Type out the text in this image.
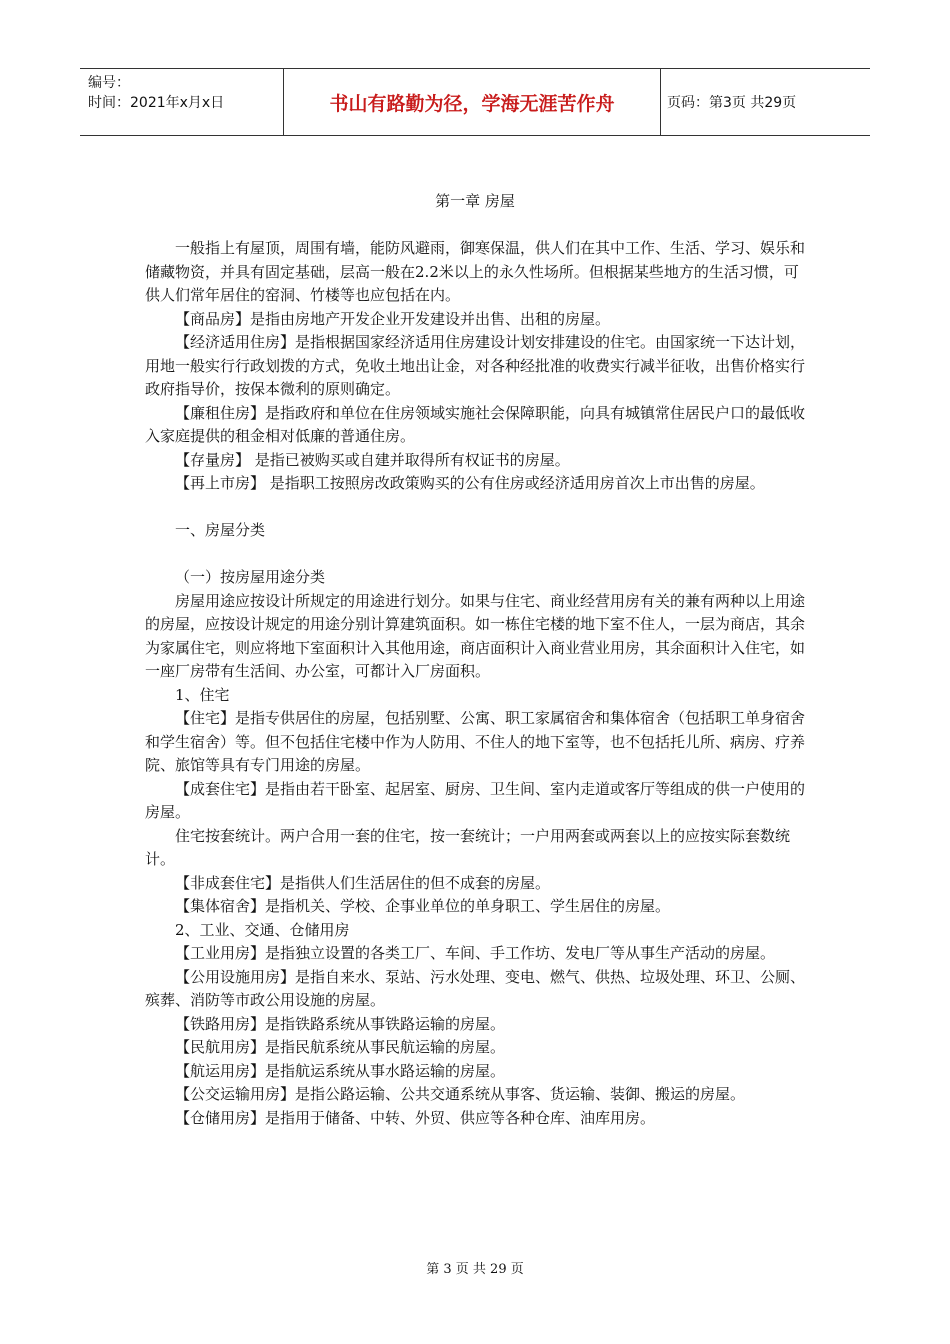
编号：
时间：2021年x月x日	书山有路勤为径，学海无涯苦作舟	页码：第3页 共29页
第一章 房屋

一般指上有屋顶，周围有墙，能防风避雨，御寒保温，供人们在其中工作、生活、学习、娱乐和储藏物资，并具有固定基础，层高一般在2.2米以上的永久性场所。但根据某些地方的生活习惯，可供人们常年居住的窑洞、竹楼等也应包括在内。

【商品房】是指由房地产开发企业开发建设并出售、出租的房屋。

【经济适用住房】是指根据国家经济适用住房建设计划安排建设的住宅。由国家统一下达计划，用地一般实行行政划拨的方式，免收土地出让金，对各种经批准的收费实行减半征收，出售价格实行政府指导价，按保本微利的原则确定。

【廉租住房】是指政府和单位在住房领域实施社会保障职能，向具有城镇常住居民户口的最低收入家庭提供的租金相对低廉的普通住房。

【存量房】 是指已被购买或自建并取得所有权证书的房屋。

【再上市房】 是指职工按照房改政策购买的公有住房或经济适用房首次上市出售的房屋。

一、房屋分类

（一）按房屋用途分类

房屋用途应按设计所规定的用途进行划分。如果与住宅、商业经营用房有关的兼有两种以上用途的房屋，应按设计规定的用途分别计算建筑面积。如一栋住宅楼的地下室不住人，一层为商店，其余为家属住宅，则应将地下室面积计入其他用途，商店面积计入商业营业用房，其余面积计入住宅，如一座厂房带有生活间、办公室，可都计入厂房面积。

1、住宅

【住宅】是指专供居住的房屋，包括别墅、公寓、职工家属宿舍和集体宿舍（包括职工单身宿舍和学生宿舍）等。但不包括住宅楼中作为人防用、不住人的地下室等，也不包括托儿所、病房、疗养院、旅馆等具有专门用途的房屋。

【成套住宅】是指由若干卧室、起居室、厨房、卫生间、室内走道或客厅等组成的供一户使用的房屋。

住宅按套统计。两户合用一套的住宅，按一套统计；一户用两套或两套以上的应按实际套数统计。

【非成套住宅】是指供人们生活居住的但不成套的房屋。

【集体宿舍】是指机关、学校、企事业单位的单身职工、学生居住的房屋。

2、工业、交通、仓储用房

【工业用房】是指独立设置的各类工厂、车间、手工作坊、发电厂等从事生产活动的房屋。

【公用设施用房】是指自来水、泵站、污水处理、变电、燃气、供热、垃圾处理、环卫、公厕、殡葬、消防等市政公用设施的房屋。

【铁路用房】是指铁路系统从事铁路运输的房屋。

【民航用房】是指民航系统从事民航运输的房屋。

【航运用房】是指航运系统从事水路运输的房屋。

【公交运输用房】是指公路运输、公共交通系统从事客、货运输、装御、搬运的房屋。

【仓储用房】是指用于储备、中转、外贸、供应等各种仓库、油库用房。

第 3 页 共 29 页
